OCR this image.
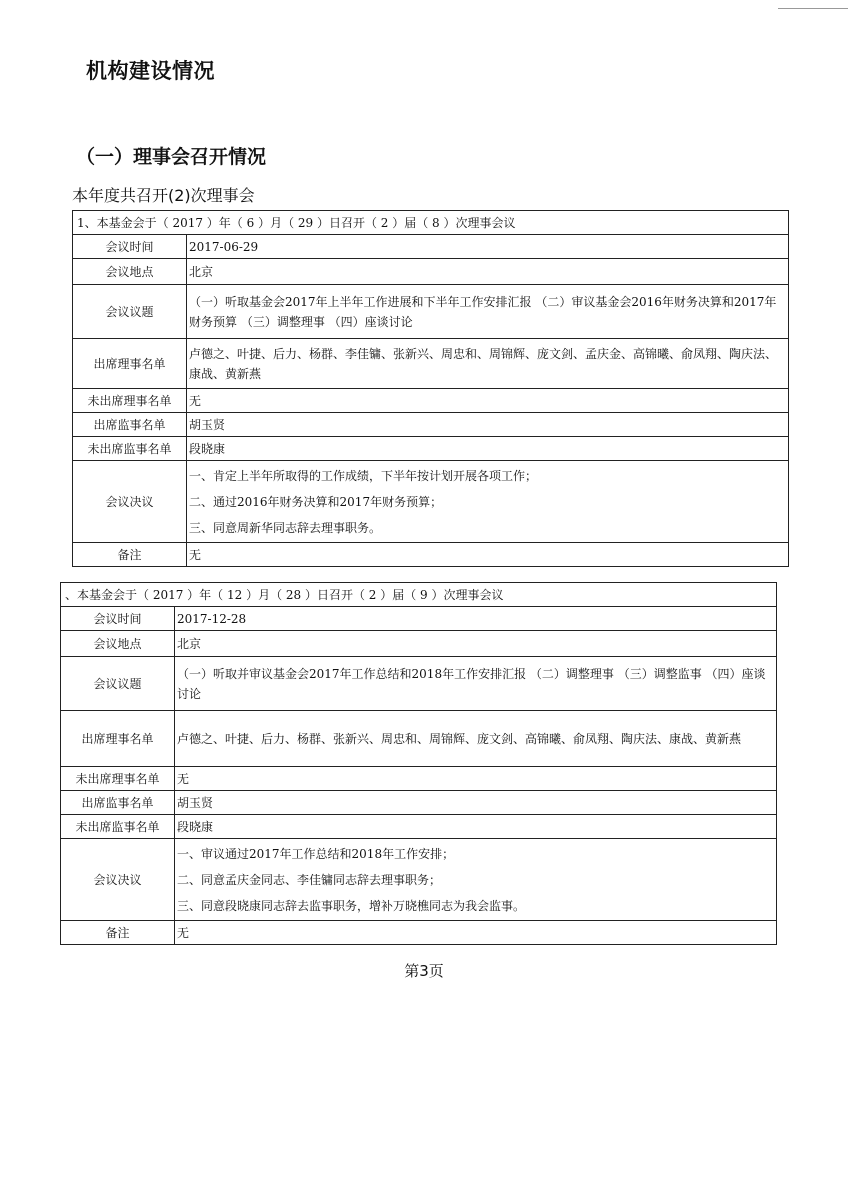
机构建设情况
（一）理事会召开情况
本年度共召开(2)次理事会
1、本基金会于（ 2017 ）年（ 6 ）月（ 29 ）日召开（ 2 ）届（ 8 ）次理事会议	
会议时间	2017-06-29
会议地点	北京
会议议题	（一）听取基金会2017年上半年工作进展和下半年工作安排汇报 （二）审议基金会2016年财务决算和2017年财务预算 （三）调整理事 （四）座谈讨论
出席理事名单	卢德之、叶捷、后力、杨群、李佳镛、张新兴、周忠和、周锦辉、庞文剑、孟庆金、高锦曦、俞凤翔、陶庆法、康战、黄新燕
未出席理事名单	无
出席监事名单	胡玉贤
未出席监事名单	段晓康
会议决议	一、肯定上半年所取得的工作成绩，下半年按计划开展各项工作；
二、通过2016年财务决算和2017年财务预算；
三、同意周新华同志辞去理事职务。

备注	无
、本基金会于（ 2017 ）年（ 12 ）月（ 28 ）日召开（ 2 ）届（ 9 ）次理事会议	
会议时间	2017-12-28
会议地点	北京
会议议题	（一）听取并审议基金会2017年工作总结和2018年工作安排汇报 （二）调整理事 （三）调整监事 （四）座谈讨论
出席理事名单	卢德之、叶捷、后力、杨群、张新兴、周忠和、周锦辉、庞文剑、高锦曦、俞凤翔、陶庆法、康战、黄新燕
未出席理事名单	无
出席监事名单	胡玉贤
未出席监事名单	段晓康
会议决议	一、审议通过2017年工作总结和2018年工作安排；
二、同意孟庆金同志、李佳镛同志辞去理事职务；
三、同意段晓康同志辞去监事职务，增补万晓樵同志为我会监事。

备注	无
第3页
